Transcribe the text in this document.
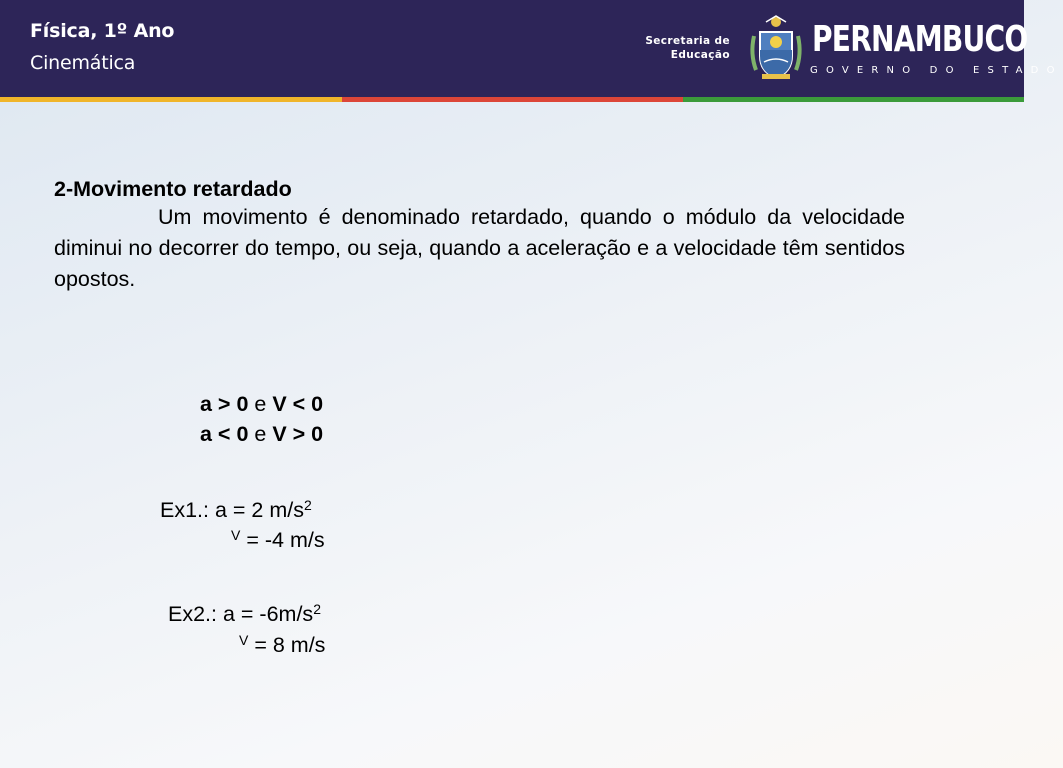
Física, 1º Ano
Cinemática
Secretaria de
Educação PERNAMBUCO
GOVERNO DO ESTADO
2-Movimento retardado

Um movimento é denominado retardado, quando o módulo da velocidade diminui no decorrer do tempo, ou seja, quando a aceleração e a velocidade têm sentidos opostos.

a > 0 e V < 0
a < 0 e V > 0
Ex1.: a = 2 $m/s^2$
$^V$ = -4 m/s
Ex2.: $a = -6m/s^2$
$^V$ = 8 m/s
